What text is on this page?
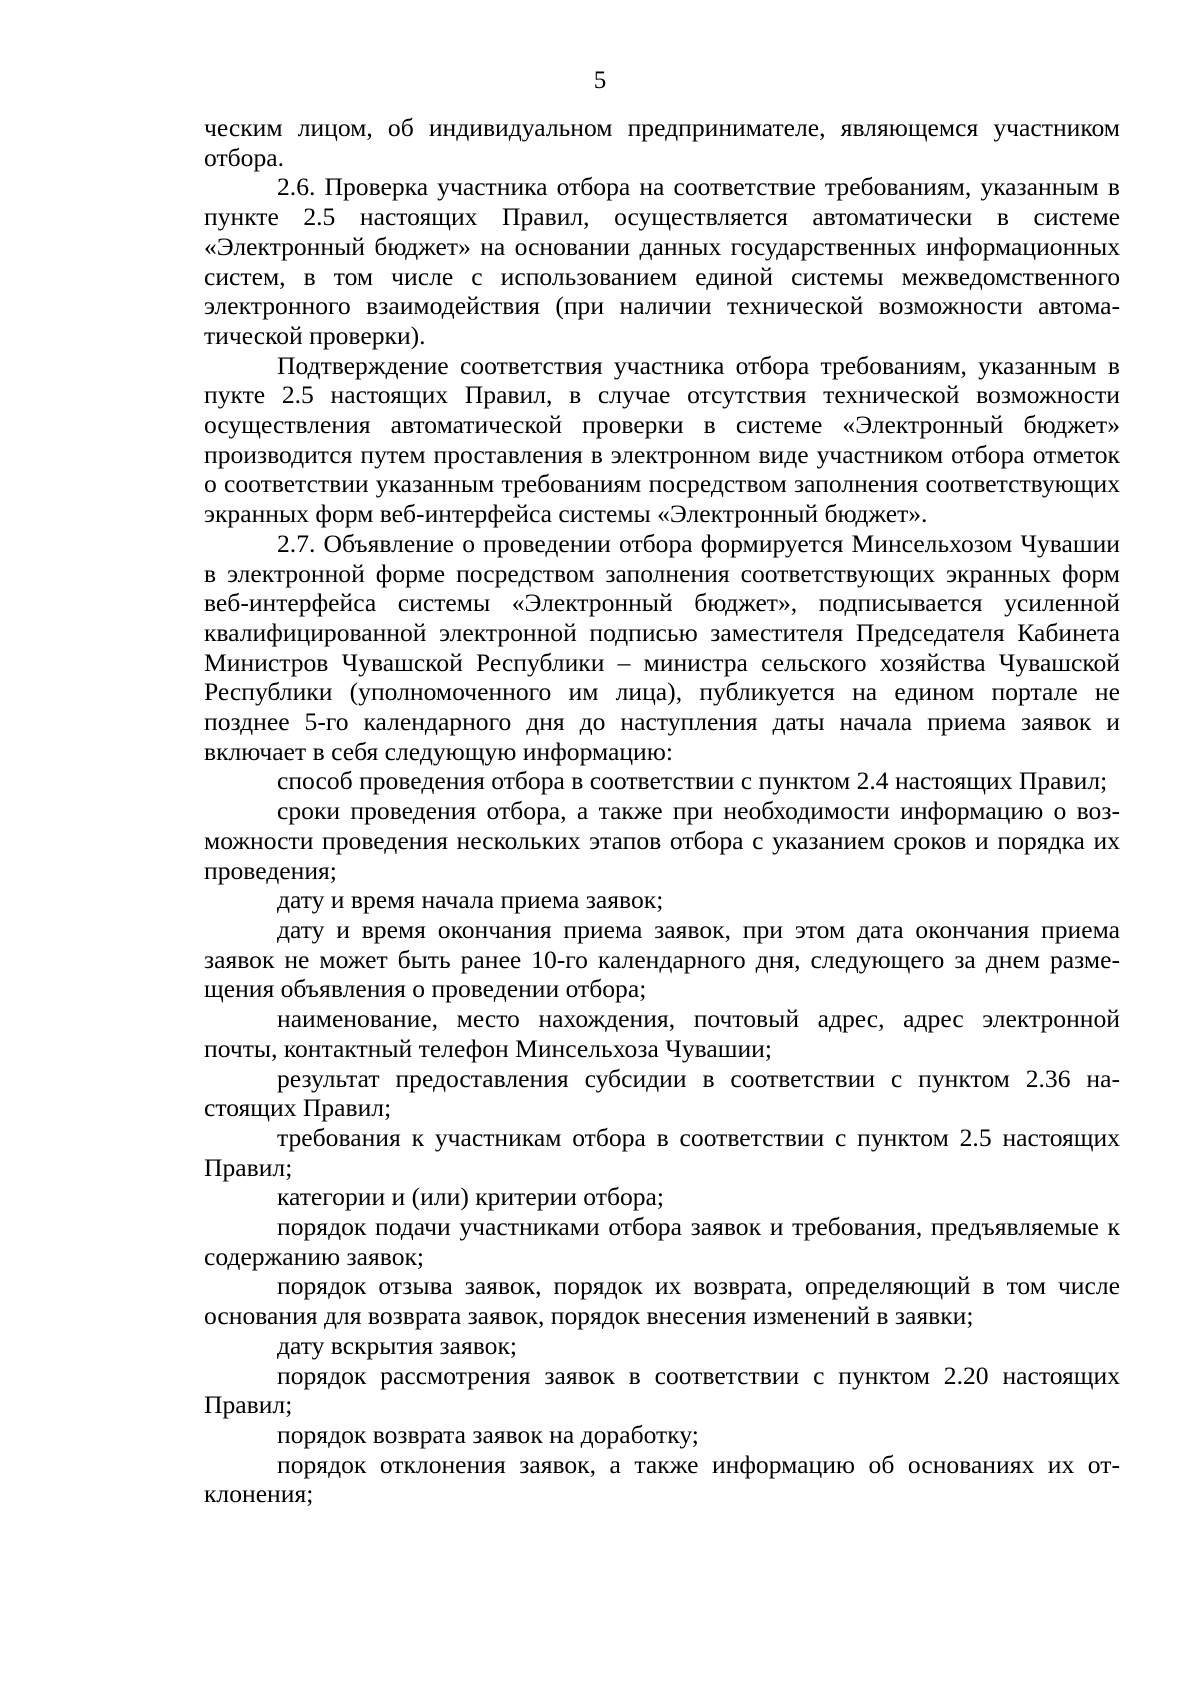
5

ческим лицом, об индивидуальном предпринимателе, являющемся участником отбора.

2.6. Проверка участника отбора на соответствие требованиям, указанным в пункте 2.5 настоящих Правил, осуществляется автоматически в системе «Электронный бюджет» на основании данных государственных информационных систем, в том числе с использованием единой системы межведомственного электронного взаимодействия (при наличии технической возможности автоматической проверки).

Подтверждение соответствия участника отбора требованиям, указанным в пукте 2.5 настоящих Правил, в случае отсутствия технической возможности осуществления автоматической проверки в системе «Электронный бюджет» производится путем проставления в электронном виде участником отбора отметок о соответствии указанным требованиям посредством заполнения соответствующих экранных форм веб-интерфейса системы «Электронный бюджет».

2.7. Объявление о проведении отбора формируется Минсельхозом Чувашии в электронной форме посредством заполнения соответствующих экранных форм веб-интерфейса системы «Электронный бюджет», подписывается усиленной квалифицированной электронной подписью заместителя Председателя Кабинета Министров Чувашской Республики – министра сельского хозяйства Чувашской Республики (уполномоченного им лица), публикуется на едином портале не позднее 5-го календарного дня до наступления даты начала приема заявок и включает в себя следующую информацию:

способ проведения отбора в соответствии с пунктом 2.4 настоящих Правил;

сроки проведения отбора, а также при необходимости информацию о возможности проведения нескольких этапов отбора с указанием сроков и порядка их проведения;

дату и время начала приема заявок;

дату и время окончания приема заявок, при этом дата окончания приема заявок не может быть ранее 10-го календарного дня, следующего за днем размещения объявления о проведении отбора;

наименование, место нахождения, почтовый адрес, адрес электронной почты, контактный телефон Минсельхоза Чувашии;

результат предоставления субсидии в соответствии с пунктом 2.36 настоящих Правил;

требования к участникам отбора в соответствии с пунктом 2.5 настоящих Правил;

категории и (или) критерии отбора;

порядок подачи участниками отбора заявок и требования, предъявляемые к содержанию заявок;

порядок отзыва заявок, порядок их возврата, определяющий в том числе основания для возврата заявок, порядок внесения изменений в заявки;

дату вскрытия заявок;

порядок рассмотрения заявок в соответствии с пунктом 2.20 настоящих Правил;

порядок возврата заявок на доработку;

порядок отклонения заявок, а также информацию об основаниях их отклонения;
